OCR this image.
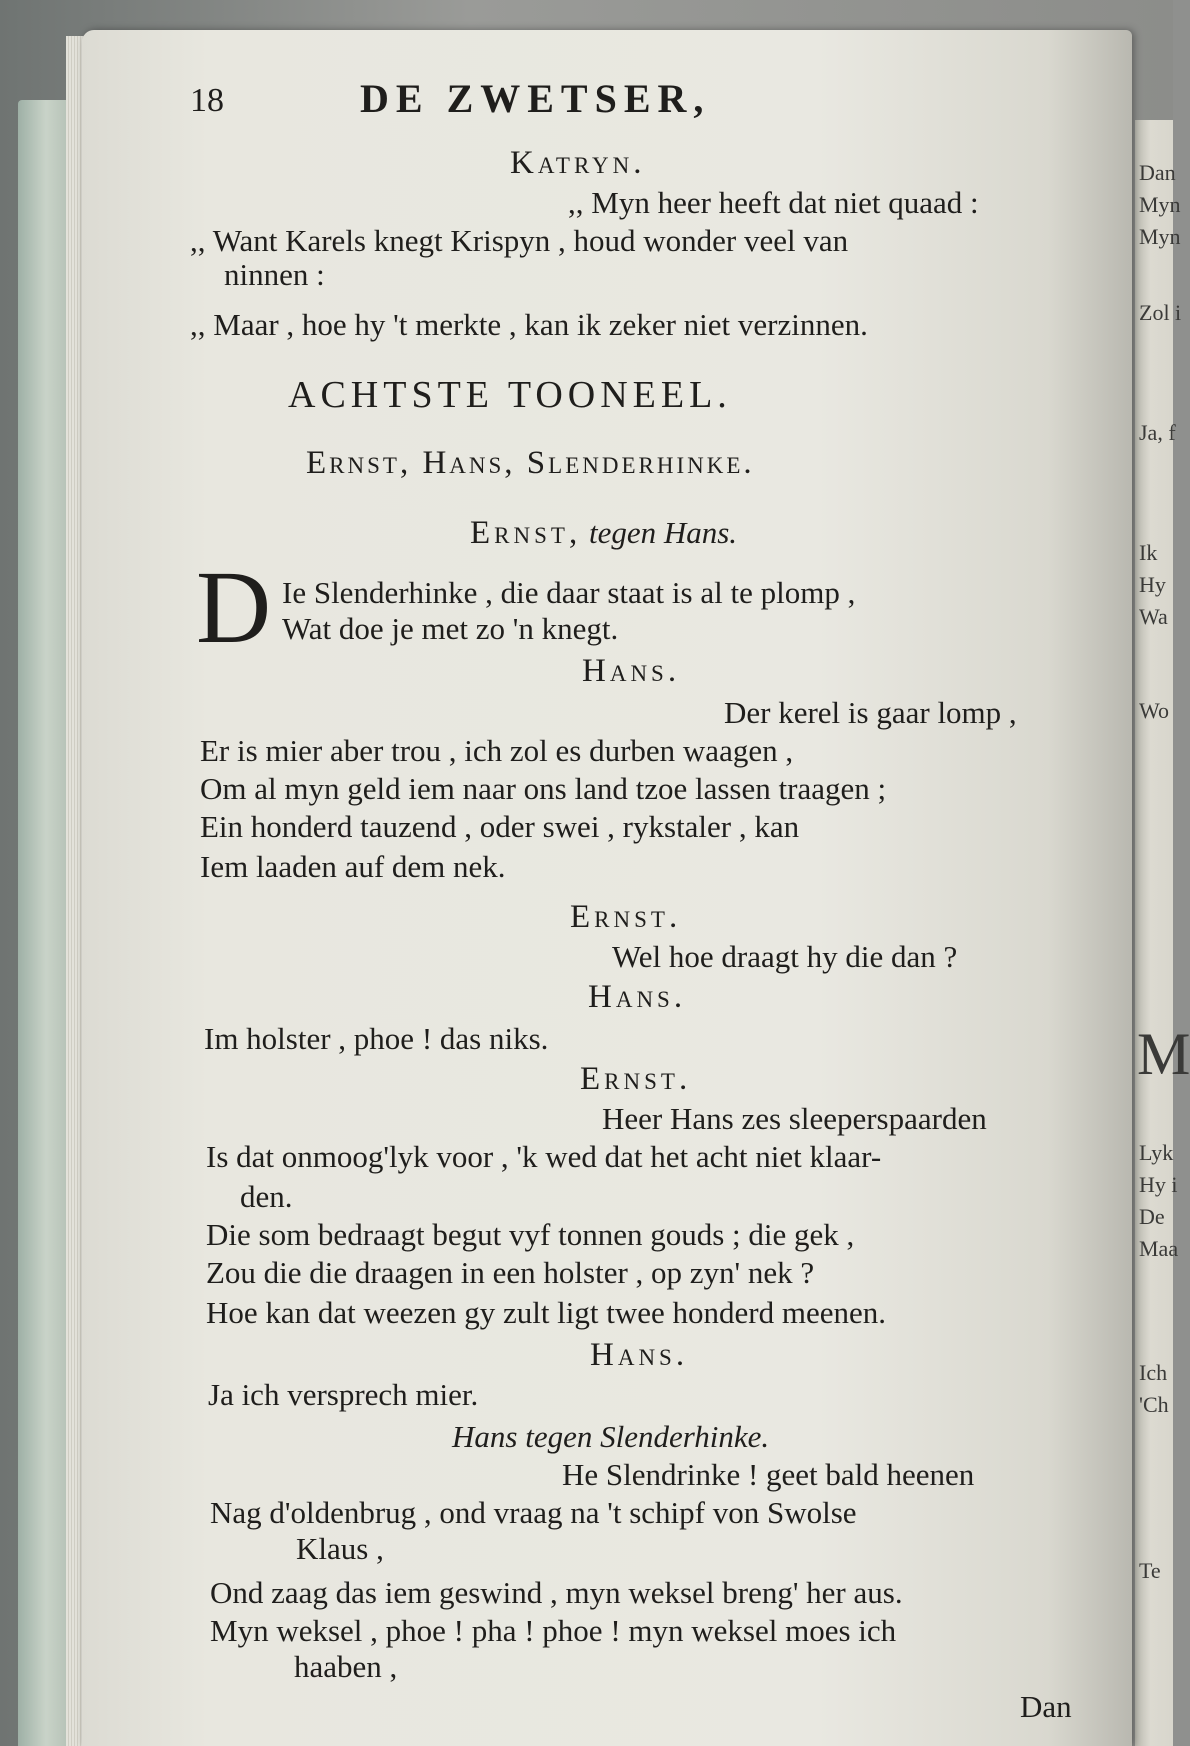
Dan
Myn
Myn
Zol i
Ja, f
Ik
Hy
Wa
Wo
M
Lyk
Hy i
De
Maa
Ich
'Ch
Te
18	DE ZWETSER,
Katryn.
,, Myn heer heeft dat niet quaad :
,, Want Karels knegt Krispyn , houd wonder veel van
ninnen :
,, Maar , hoe hy 't merkte , kan ik zeker niet verzinnen.
ACHTSTE TOONEEL.
Ernst, Hans, Slenderhinke.
Ernst, tegen Hans.
D Ie Slenderhinke , die daar staat is al te plomp ,
Wat doe je met zo 'n knegt.
Hans.
Der kerel is gaar lomp ,
Er is mier aber trou , ich zol es durben waagen ,
Om al myn geld iem naar ons land tzoe lassen traagen ;
Ein honderd tauzend , oder swei , rykstaler , kan
Iem laaden auf dem nek.
Ernst.
Wel hoe draagt hy die dan ?
Hans.
Im holster , phoe ! das niks.
Ernst.
Heer Hans zes sleeperspaarden
Is dat onmoog'lyk voor , 'k wed dat het acht niet klaar-
den.
Die som bedraagt begut vyf tonnen gouds ; die gek ,
Zou die die draagen in een holster , op zyn' nek ?
Hoe kan dat weezen gy zult ligt twee honderd meenen.
Hans.
Ja ich versprech mier.
Hans tegen Slenderhinke.
He Slendrinke ! geet bald heenen
Nag d'oldenbrug , ond vraag na 't schipf von Swolse
Klaus ,
Ond zaag das iem geswind , myn weksel breng' her aus.
Myn weksel , phoe ! pha ! phoe ! myn weksel moes ich
haaben ,
Dan
